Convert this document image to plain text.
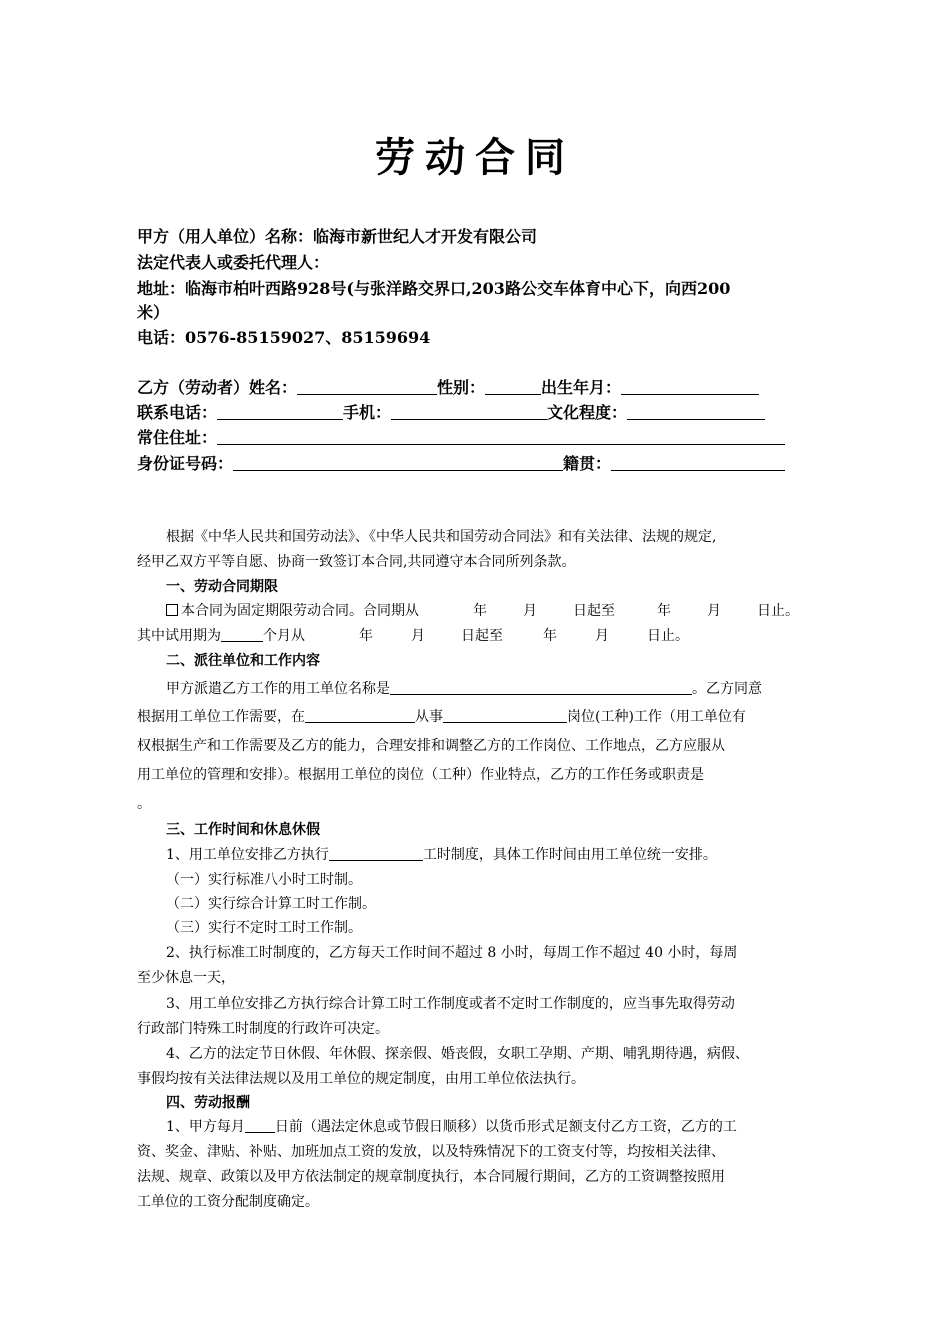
劳动合同
甲方（用人单位）名称：临海市新世纪人才开发有限公司
法定代表人或委托代理人：
地址：临海市柏叶西路928号(与张洋路交界口,203路公交车体育中心下，向西200
米）
电话：0576-85159027、85159694
乙方（劳动者）姓名：	性别：	出生年月：
联系电话：	手机：	文化程度：
常住住址：
身份证号码：	籍贯：
根据《中华人民共和国劳动法》、《中华人民共和国劳动合同法》和有关法律、法规的规定,
经甲乙双方平等自愿、协商一致签订本合同,共同遵守本合同所列条款。
一、劳动合同期限
本合同为固定期限劳动合同。合同期从	年	月	日起至	年	月	日止。
其中试用期为	个月从	年	月	日起至	年	月	日止。
二、派往单位和工作内容
甲方派遣乙方工作的用工单位名称是	。乙方同意
根据用工单位工作需要，在	从事	岗位(工种)工作（用工单位有
权根据生产和工作需要及乙方的能力，合理安排和调整乙方的工作岗位、工作地点，乙方应服从
用工单位的管理和安排）。根据用工单位的岗位（工种）作业特点，乙方的工作任务或职责是
。
三、工作时间和休息休假
1、用工单位安排乙方执行	工时制度，具体工作时间由用工单位统一安排。
（一）实行标准八小时工时制。
（二）实行综合计算工时工作制。
（三）实行不定时工时工作制。
2、执行标准工时制度的，乙方每天工作时间不超过 8 小时，每周工作不超过 40 小时，每周
至少休息一天，
3、用工单位安排乙方执行综合计算工时工作制度或者不定时工作制度的，应当事先取得劳动
行政部门特殊工时制度的行政许可决定。
4、乙方的法定节日休假、年休假、探亲假、婚丧假，女职工孕期、产期、哺乳期待遇，病假、
事假均按有关法律法规以及用工单位的规定制度，由用工单位依法执行。
四、劳动报酬
1、甲方每月 日前（遇法定休息或节假日顺移）以货币形式足额支付乙方工资，乙方的工
资、奖金、津贴、补贴、加班加点工资的发放，以及特殊情况下的工资支付等，均按相关法律、
法规、规章、政策以及甲方依法制定的规章制度执行，本合同履行期间，乙方的工资调整按照用
工单位的工资分配制度确定。
